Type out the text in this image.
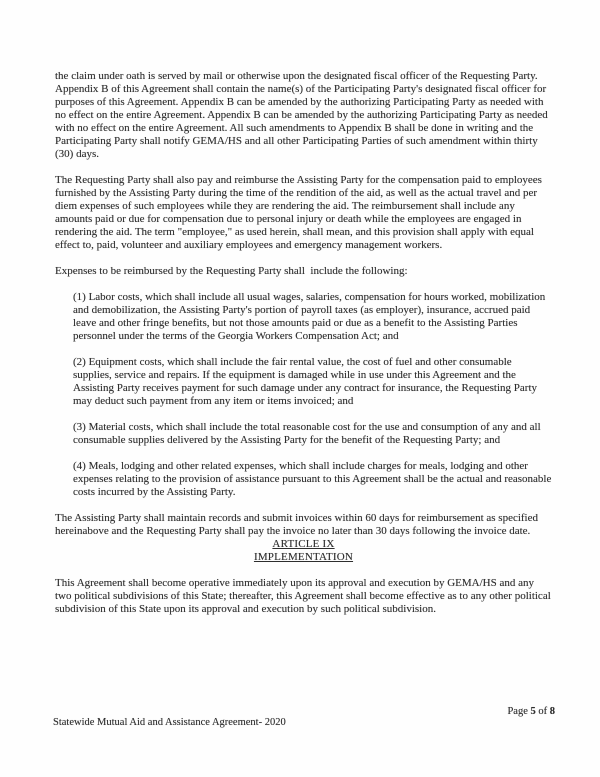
the claim under oath is served by mail or otherwise upon the designated fiscal officer of the Requesting Party. Appendix B of this Agreement shall contain the name(s) of the Participating Party's designated fiscal officer for purposes of this Agreement. Appendix B can be amended by the authorizing Participating Party as needed with no effect on the entire Agreement. Appendix B can be amended by the authorizing Participating Party as needed with no effect on the entire Agreement. All such amendments to Appendix B shall be done in writing and the Participating Party shall notify GEMA/HS and all other Participating Parties of such amendment within thirty (30) days.

The Requesting Party shall also pay and reimburse the Assisting Party for the compensation paid to employees furnished by the Assisting Party during the time of the rendition of the aid, as well as the actual travel and per diem expenses of such employees while they are rendering the aid. The reimbursement shall include any amounts paid or due for compensation due to personal injury or death while the employees are engaged in rendering the aid. The term "employee," as used herein, shall mean, and this provision shall apply with equal effect to, paid, volunteer and auxiliary employees and emergency management workers.

Expenses to be reimbursed by the Requesting Party shall  include the following:

(1) Labor costs, which shall include all usual wages, salaries, compensation for hours worked, mobilization and demobilization, the Assisting Party's portion of payroll taxes (as employer), insurance, accrued paid leave and other fringe benefits, but not those amounts paid or due as a benefit to the Assisting Parties personnel under the terms of the Georgia Workers Compensation Act; and

(2) Equipment costs, which shall include the fair rental value, the cost of fuel and other consumable supplies, service and repairs. If the equipment is damaged while in use under this Agreement and the Assisting Party receives payment for such damage under any contract for insurance, the Requesting Party may deduct such payment from any item or items invoiced; and

(3) Material costs, which shall include the total reasonable cost for the use and consumption of any and all consumable supplies delivered by the Assisting Party for the benefit of the Requesting Party; and

(4) Meals, lodging and other related expenses, which shall include charges for meals, lodging and other expenses relating to the provision of assistance pursuant to this Agreement shall be the actual and reasonable costs incurred by the Assisting Party.

The Assisting Party shall maintain records and submit invoices within 60 days for reimbursement as specified hereinabove and the Requesting Party shall pay the invoice no later than 30 days following the invoice date.

ARTICLE IX
IMPLEMENTATION

This Agreement shall become operative immediately upon its approval and execution by GEMA/HS and any two political subdivisions of this State; thereafter, this Agreement shall become effective as to any other political subdivision of this State upon its approval and execution by such political subdivision.

Page 5 of 8
Statewide Mutual Aid and Assistance Agreement- 2020
